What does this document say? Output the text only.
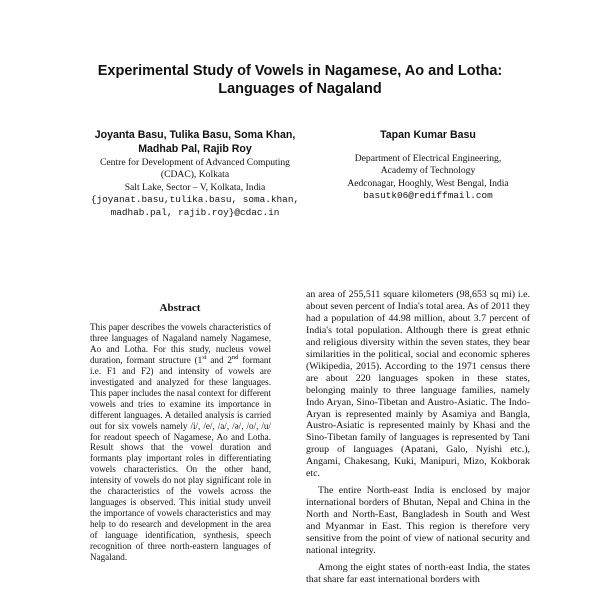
Experimental Study of Vowels in Nagamese, Ao and Lotha: Languages of Nagaland
Joyanta Basu, Tulika Basu, Soma Khan,
Madhab Pal, Rajib Roy
Centre for Development of Advanced Computing
(CDAC), Kolkata
Salt Lake, Sector – V, Kolkata, India
{joyanat.basu,tulika.basu, soma.khan,
madhab.pal, rajib.roy}@cdac.in
Tapan Kumar Basu
Department of Electrical Engineering,
Academy of Technology
Aedconagar, Hooghly, West Bengal, India
basutk06@rediffmail.com
Abstract

This paper describes the vowels characteristics of three languages of Nagaland namely Nagamese, Ao and Lotha. For this study, nucleus vowel duration, formant structure (1st and 2nd formant i.e. F1 and F2) and intensity of vowels are investigated and analyzed for these languages. This paper includes the nasal context for different vowels and tries to examine its importance in different languages. A detailed analysis is carried out for six vowels namely /i/, /e/, /a/, /ə/, /o/, /u/ for readout speech of Nagamese, Ao and Lotha. Result shows that the vowel duration and formants play important roles in differentiating vowels characteristics. On the other hand, intensity of vowels do not play significant role in the characteristics of the vowels across the languages is observed. This initial study unveil the importance of vowels characteristics and may help to do research and development in the area of language identification, synthesis, speech recognition of three north-eastern languages of Nagaland.

an area of 255,511 square kilometers (98,653 sq mi) i.e. about seven percent of India's total area. As of 2011 they had a population of 44.98 million, about 3.7 percent of India's total population. Although there is great ethnic and religious diversity within the seven states, they bear similarities in the political, social and economic spheres (Wikipedia, 2015). According to the 1971 census there are about 220 languages spoken in these states, belonging mainly to three language families, namely Indo Aryan, Sino-Tibetan and Austro-Asiatic. The Indo-Aryan is represented mainly by Asamiya and Bangla, Austro-Asiatic is represented mainly by Khasi and the Sino-Tibetan family of languages is represented by Tani group of languages (Apatani, Galo, Nyishi etc.), Angami, Chakesang, Kuki, Manipuri, Mizo, Kokborak etc.

The entire North-east India is enclosed by major international borders of Bhutan, Nepal and China in the North and North-East, Bangladesh in South and West and Myanmar in East. This region is therefore very sensitive from the point of view of national security and national integrity.

Among the eight states of north-east India, the states that share far east international borders with
